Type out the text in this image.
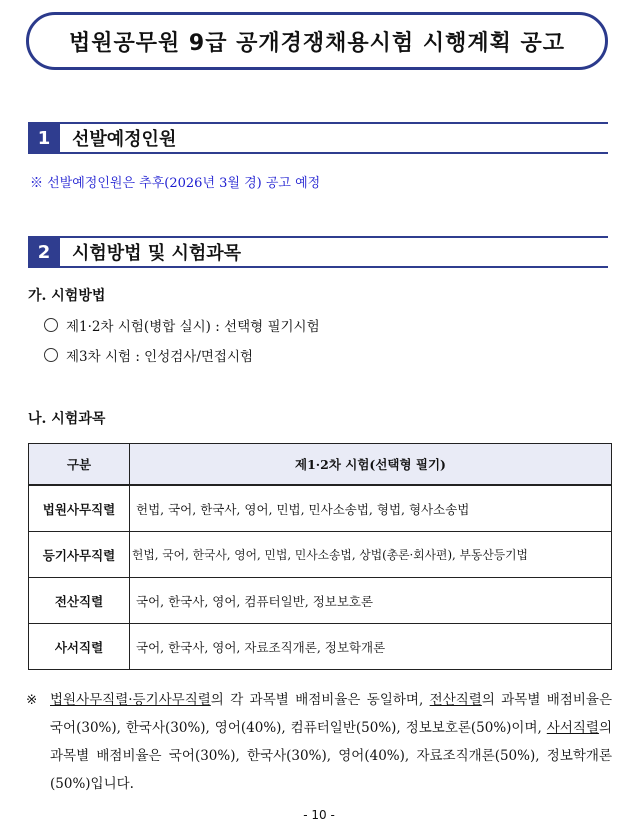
법원공무원 9급 공개경쟁채용시험 시행계획 공고
1	선발예정인원
※ 선발예정인원은 추후(2026년 3월 경) 공고 예정
2	시험방법 및 시험과목
가. 시험방법
제1·2차 시험(병합 실시) : 선택형 필기시험
제3차 시험 : 인성검사/면접시험
나. 시험과목
구분	제1·2차 시험(선택형 필기)
법원사무직렬	헌법, 국어, 한국사, 영어, 민법, 민사소송법, 형법, 형사소송법
등기사무직렬	헌법, 국어, 한국사, 영어, 민법, 민사소송법, 상법(총론·회사편), 부동산등기법
전산직렬	국어, 한국사, 영어, 컴퓨터일반, 정보보호론
사서직렬	국어, 한국사, 영어, 자료조직개론, 정보학개론
※ 법원사무직렬·등기사무직렬의 각 과목별 배점비율은 동일하며, 전산직렬의 과목별 배점비율은 국어(30%), 한국사(30%), 영어(40%), 컴퓨터일반(50%), 정보보호론(50%)이며, 사서직렬의 과목별 배점비율은 국어(30%), 한국사(30%), 영어(40%), 자료조직개론(50%), 정보학개론(50%)입니다.
- 10 -
